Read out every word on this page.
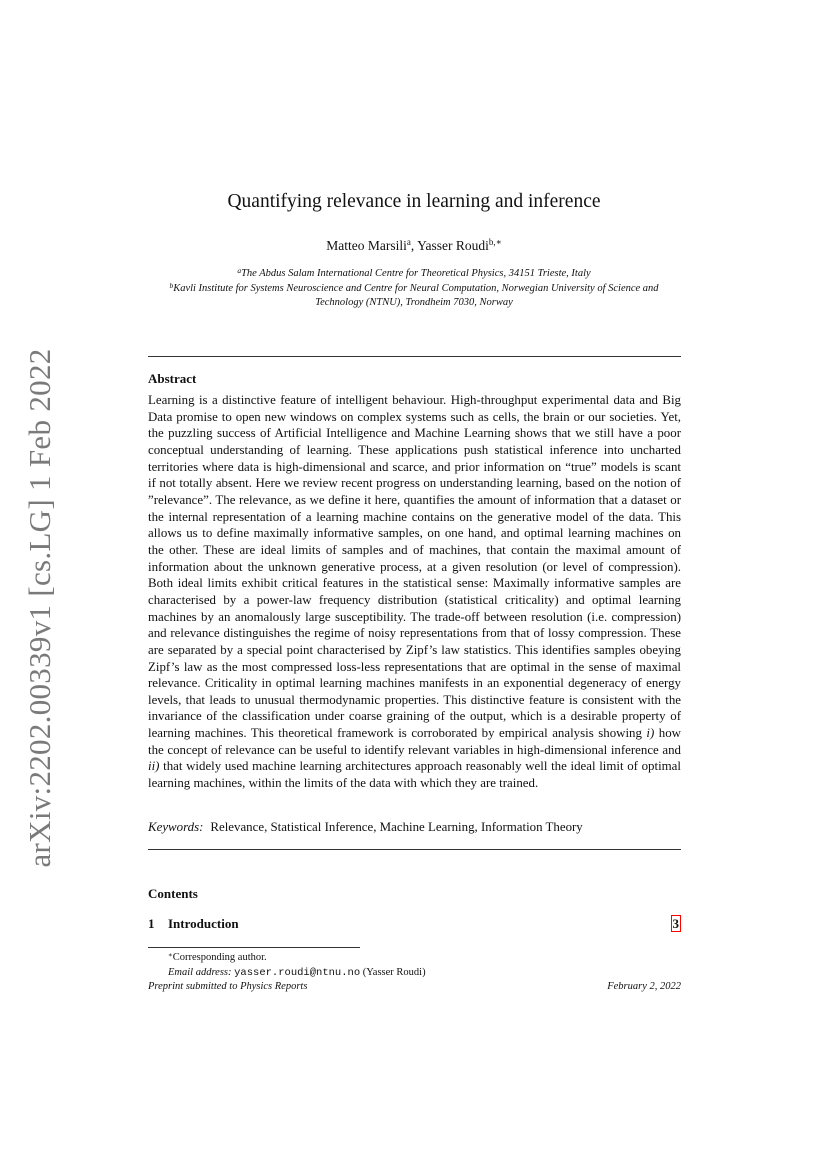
arXiv:2202.00339v1 [cs.LG] 1 Feb 2022
Quantifying relevance in learning and inference
Matteo Marsili$^a$, Yasser Roudi$^{b,∗}$
$^a$The Abdus Salam International Centre for Theoretical Physics, 34151 Trieste, Italy
$^b$Kavli Institute for Systems Neuroscience and Centre for Neural Computation, Norwegian University of Science and Technology (NTNU), Trondheim 7030, Norway
Abstract

Learning is a distinctive feature of intelligent behaviour. High-throughput experimental data and Big Data promise to open new windows on complex systems such as cells, the brain or our societies. Yet, the puzzling success of Artificial Intelligence and Machine Learning shows that we still have a poor conceptual understanding of learning. These applications push statistical inference into uncharted territories where data is high-dimensional and scarce, and prior information on “true” models is scant if not totally absent. Here we review recent progress on understanding learning, based on the notion of ”relevance”. The relevance, as we define it here, quantifies the amount of information that a dataset or the internal representation of a learning machine contains on the generative model of the data. This allows us to define maximally informative samples, on one hand, and optimal learning machines on the other. These are ideal limits of samples and of machines, that contain the maximal amount of information about the unknown generative process, at a given resolution (or level of compression). Both ideal limits exhibit critical features in the statistical sense: Maximally informative samples are characterised by a power-law frequency distribution (statistical criticality) and optimal learning machines by an anomalously large susceptibility. The trade-off between resolution (i.e. compression) and relevance distinguishes the regime of noisy representations from that of lossy compression. These are separated by a special point characterised by Zipf’s law statistics. This identifies samples obeying Zipf’s law as the most compressed loss-less representations that are optimal in the sense of maximal relevance. Criticality in optimal learning machines manifests in an exponential degeneracy of energy levels, that leads to unusual thermodynamic properties. This distinctive feature is consistent with the invariance of the classification under coarse graining of the output, which is a desirable property of learning machines. This theoretical framework is corroborated by empirical analysis showing i) how the concept of relevance can be useful to identify relevant variables in high-dimensional inference and ii) that widely used machine learning architectures approach reasonably well the ideal limit of optimal learning machines, within the limits of the data with which they are trained.

Keywords: Relevance, Statistical Inference, Machine Learning, Information Theory
Contents
1 Introduction	3
∗Corresponding author.
Email address: yasser.roudi@ntnu.no (Yasser Roudi)
Preprint submitted to Physics Reports	February 2, 2022
